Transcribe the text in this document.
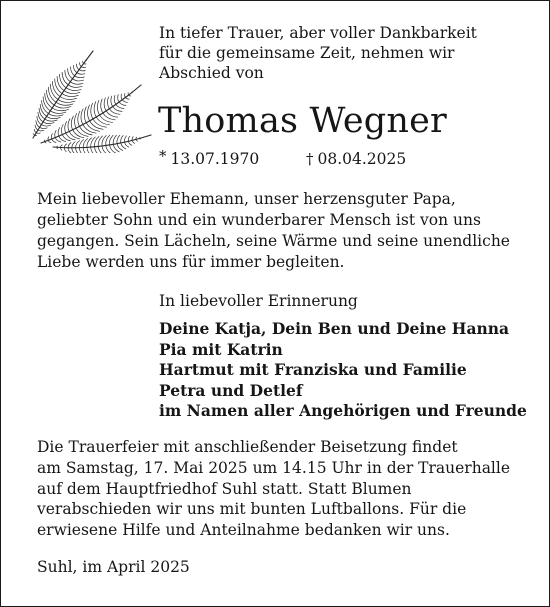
In tiefer Trauer, aber voller Dankbarkeit
für die gemeinsame Zeit, nehmen wir
Abschied von
Thomas Wegner
* 13.07.1970	† 08.04.2025
Mein liebevoller Ehemann, unser herzensguter Papa,
geliebter Sohn und ein wunderbarer Mensch ist von uns
gegangen. Sein Lächeln, seine Wärme und seine unendliche
Liebe werden uns für immer begleiten.
In liebevoller Erinnerung
Deine Katja, Dein Ben und Deine Hanna
Pia mit Katrin
Hartmut mit Franziska und Familie
Petra und Detlef
im Namen aller Angehörigen und Freunde
Die Trauerfeier mit anschließender Beisetzung findet
am Samstag, 17. Mai 2025 um 14.15 Uhr in der Trauerhalle
auf dem Hauptfriedhof Suhl statt. Statt Blumen
verabschieden wir uns mit bunten Luftballons. Für die
erwiesene Hilfe und Anteilnahme bedanken wir uns.
Suhl, im April 2025
